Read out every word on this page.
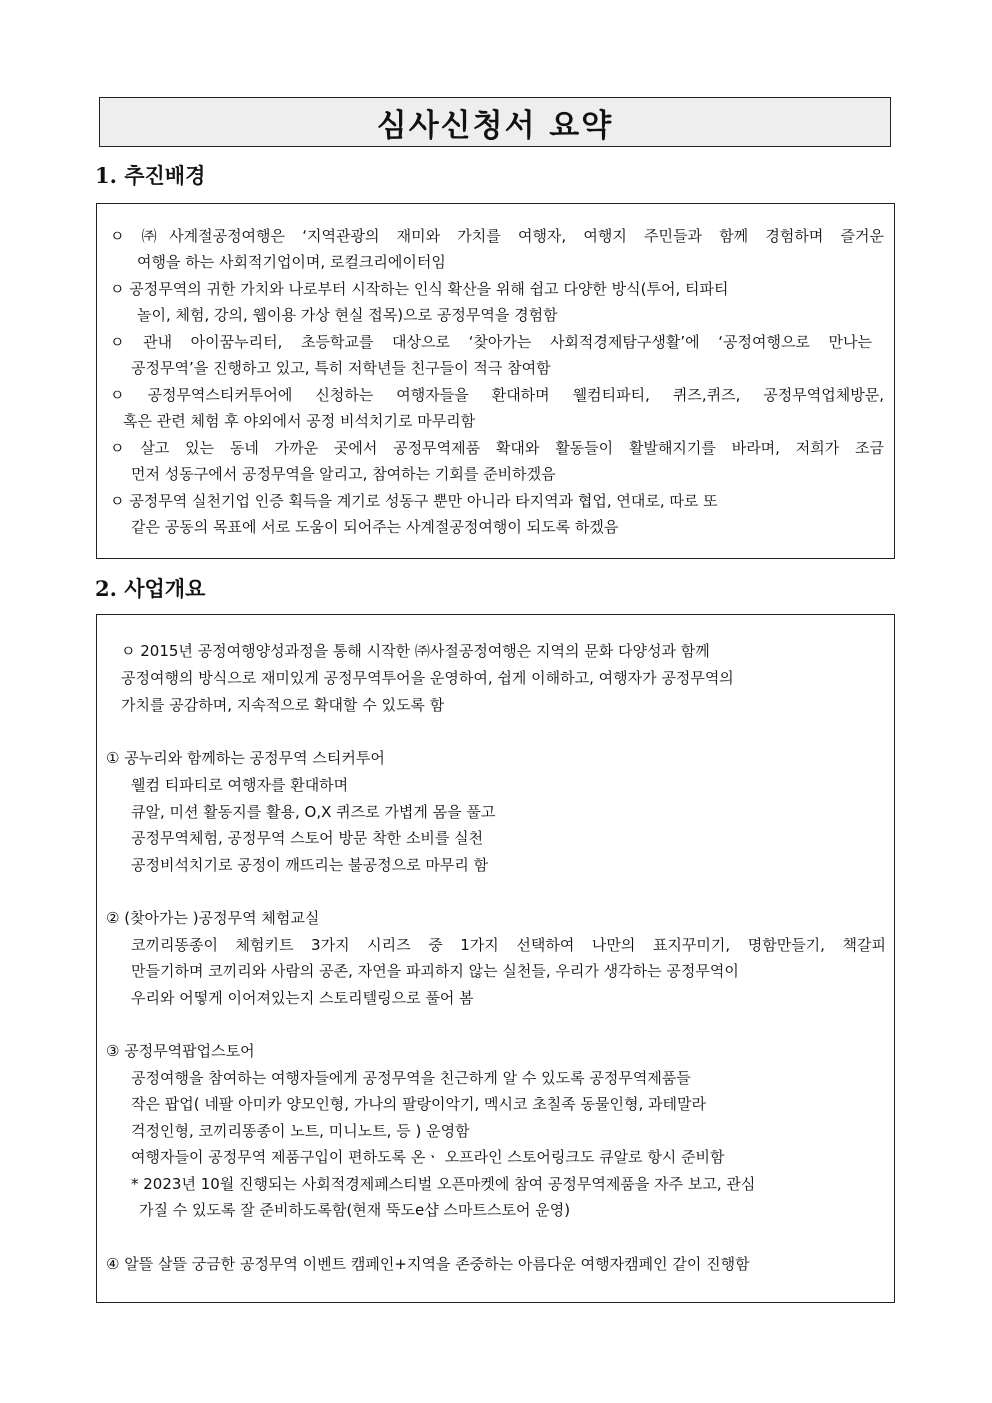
심사신청서 요약
1. 추진배경
ㅇ ㈜사계절공정여행은 ‘지역관광의 재미와 가치를 여행자, 여행지 주민들과 함께 경험하며 즐거운
여행을 하는 사회적기업이며, 로컬크리에이터임
ㅇ 공정무역의 귀한 가치와 나로부터 시작하는 인식 확산을 위해 쉽고 다양한 방식(투어, 티파티
놀이, 체험, 강의, 웹이용 가상 현실 접목)으로 공정무역을 경험함
ㅇ 관내 아이꿈누리터, 초등학교를 대상으로 ‘찾아가는 사회적경제탐구생활’에 ‘공정여행으로 만나는
공정무역’을 진행하고 있고, 특히 저학년들 친구들이 적극 참여함
ㅇ 공정무역스티커투어에 신청하는 여행자들을 환대하며 웰컴티파티, 퀴즈,퀴즈, 공정무역업체방문,
혹은 관련 체험 후 야외에서 공정 비석치기로 마무리함
ㅇ 살고 있는 동네 가까운 곳에서 공정무역제품 확대와 활동들이 활발해지기를 바라며, 저희가 조금
먼저 성동구에서 공정무역을 알리고, 참여하는 기회를 준비하겠음
ㅇ 공정무역 실천기업 인증 획득을 계기로 성동구 뿐만 아니라 타지역과 협업, 연대로, 따로 또
같은 공동의 목표에 서로 도움이 되어주는 사계절공정여행이 되도록 하겠음
2. 사업개요
ㅇ 2015년 공정여행양성과정을 통해 시작한 ㈜사절공정여행은 지역의 문화 다양성과 함께
공정여행의 방식으로 재미있게 공정무역투어을 운영하여, 쉽게 이해하고, 여행자가 공정무역의
가치를 공감하며, 지속적으로 확대할 수 있도록 함
① 공누리와 함께하는 공정무역 스티커투어
웰컴 티파티로 여행자를 환대하며
큐알, 미션 활동지를 활용, O,X 퀴즈로 가볍게 몸을 풀고
공정무역체험, 공정무역 스토어 방문 착한 소비를 실천
공정비석치기로 공정이 깨뜨리는 불공정으로 마무리 함
② (찾아가는 )공정무역 체험교실
코끼리똥종이 체험키트 3가지 시리즈 중 1가지 선택하여 나만의 표지꾸미기, 명함만들기, 책갈피
만들기하며 코끼리와 사람의 공존, 자연을 파괴하지 않는 실천들, 우리가 생각하는 공정무역이
우리와 어떻게 이어져있는지 스토리텔링으로 풀어 봄
③ 공정무역팝업스토어
공정여행을 참여하는 여행자들에게 공정무역을 친근하게 알 수 있도록 공정무역제품들
작은 팝업( 네팔 아미카 양모인형, 가나의 팔랑이악기, 멕시코 초칠족 동물인형, 과테말라
걱정인형, 코끼리똥종이 노트, 미니노트, 등 ) 운영함
여행자들이 공정무역 제품구입이 편하도록 온ㆍ 오프라인 스토어링크도 큐알로 항시 준비함
* 2023년 10월 진행되는 사회적경제페스티벌 오픈마켓에 참여 공정무역제품을 자주 보고, 관심
가질 수 있도록 잘 준비하도록함(현재 뚝도e샵 스마트스토어 운영)
④ 알뜰 살뜰 궁금한 공정무역 이벤트 캠페인+지역을 존중하는 아름다운 여행자캠페인 같이 진행함
